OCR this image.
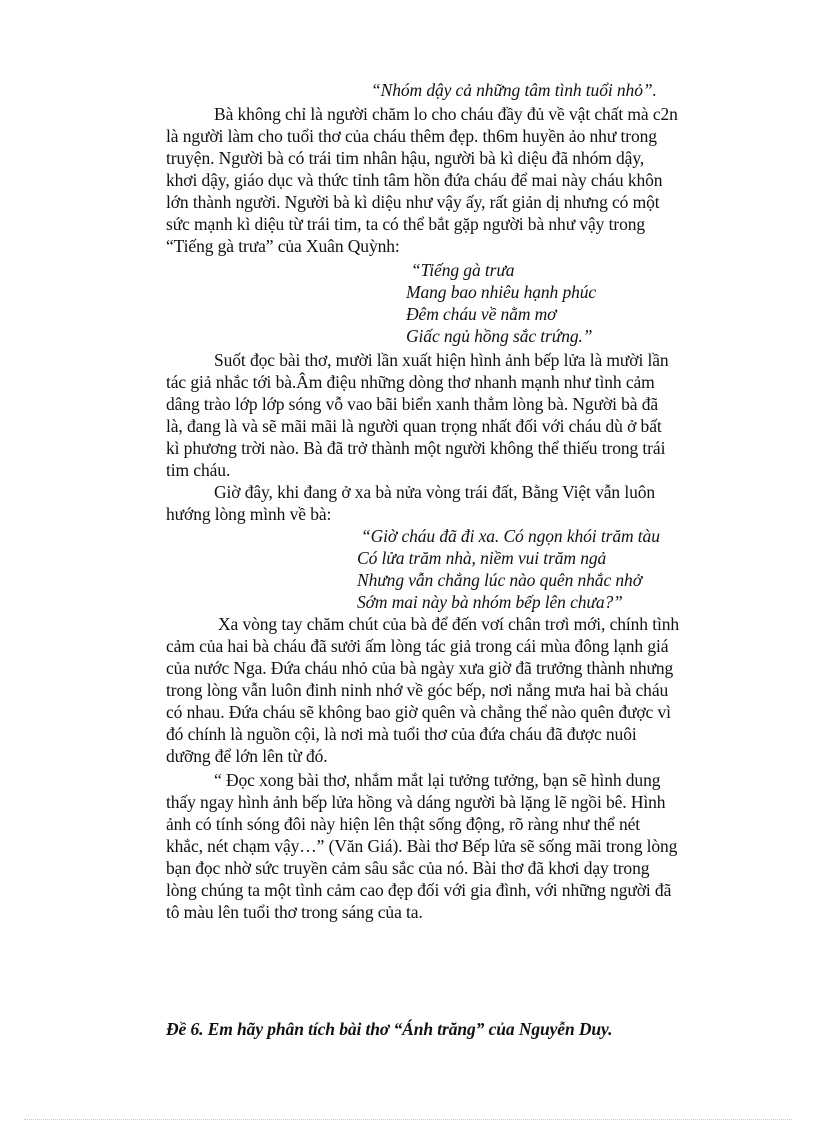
“Nhóm dậy cả những tâm tình tuổi nhỏ”.
Bà không chỉ là người chăm lo cho cháu đầy đủ về vật chất mà c2n
là người làm cho tuổi thơ của cháu thêm đẹp. th6m huyền ảo như trong
truyện. Người bà có trái tim nhân hậu, người bà kì diệu đã nhóm dậy,
khơi dậy, giáo dục và thức tỉnh tâm hồn đứa cháu để mai này cháu khôn
lớn thành người. Người bà kì diệu như vậy ấy, rất giản dị nhưng có một
sức mạnh kì diệu từ trái tim, ta có thể bắt gặp người bà như vậy trong
“Tiếng gà trưa” của Xuân Quỳnh:
“Tiếng gà trưa
Mang bao nhiêu hạnh phúc
Đêm cháu về nằm mơ
Giấc ngủ hồng sắc trứng.”
Suốt đọc bài thơ, mười lần xuất hiện hình ảnh bếp lửa là mười lần
tác giả nhắc tới bà.Âm điệu những dòng thơ nhanh mạnh như tình cảm
dâng trào lớp lớp sóng vỗ vao bãi biển xanh thẳm lòng bà. Người bà đã
là, đang là và sẽ mãi mãi là người quan trọng nhất đối với cháu dù ở bất
kì phương trời nào. Bà đã trở thành một người không thể thiếu trong trái
tim cháu.
Giờ đây, khi đang ở xa bà nửa vòng trái đất, Bằng Việt vẫn luôn
hướng lòng mình về bà:
“Giờ cháu đã đi xa. Có ngọn khói trăm tàu
Có lửa trăm nhà, niềm vui trăm ngả
Nhưng vẫn chẳng lúc nào quên nhắc nhở
Sớm mai này bà nhóm bếp lên chưa?”
Xa vòng tay chăm chút của bà để đến vơí chân trơì mới, chính tình
cảm của hai bà cháu đã sưởi ấm lòng tác giả trong cái mùa đông lạnh giá
của nước Nga. Đứa cháu nhỏ của bà ngày xưa giờ đã trưởng thành nhưng
trong lòng vẫn luôn đinh ninh nhớ về góc bếp, nơi nắng mưa hai bà cháu
có nhau. Đứa cháu sẽ không bao giờ quên và chẳng thể nào quên được vì
đó chính là nguồn cội, là nơi mà tuổi thơ của đứa cháu đã được nuôi
dưỡng để lớn lên từ đó.
“ Đọc xong bài thơ, nhắm mắt lại tưởng tưởng, bạn sẽ hình dung
thấy ngay hình ảnh bếp lửa hồng và dáng người bà lặng lẽ ngồi bê. Hình
ảnh có tính sóng đôi này hiện lên thật sống động, rõ ràng như thể nét
khắc, nét chạm vậy…” (Văn Giá). Bài thơ Bếp lửa sẽ sống mãi trong lòng
bạn đọc nhờ sức truyền cảm sâu sắc của nó. Bài thơ đã khơi dạy trong
lòng chúng ta một tình cảm cao đẹp đối với gia đình, với những người đã
tô màu lên tuổi thơ trong sáng của ta.
Đề 6. Em hãy phân tích bài thơ “Ánh trăng” của Nguyễn Duy.
